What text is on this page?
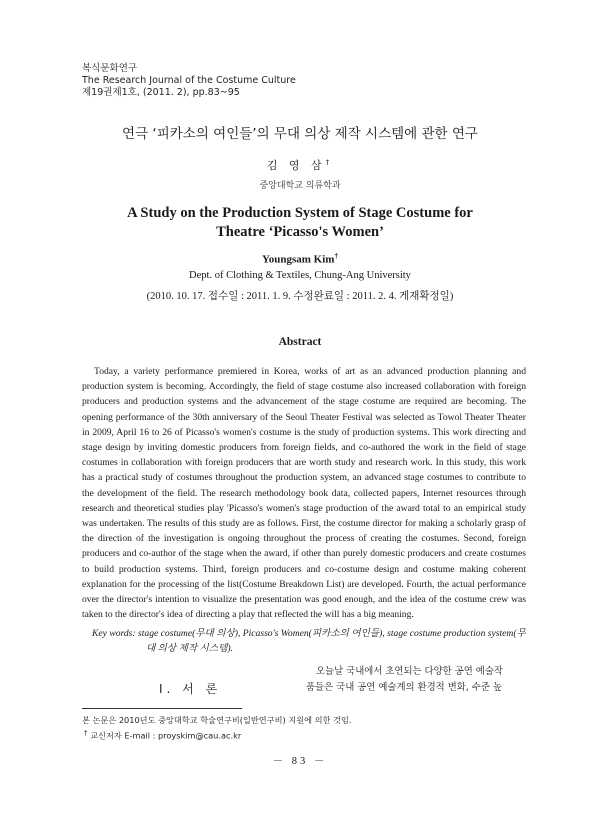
복식문화연구
The Research Journal of the Costume Culture
제19권제1호, (2011. 2), pp.83~95
연극 ‘피카소의 여인들’의 무대 의상 제작 시스템에 관한 연구
김 영 삼†
중앙대학교 의류학과
A Study on the Production System of Stage Costume for
Theatre ‘Picasso's Women’
Youngsam Kim†
Dept. of Clothing & Textiles, Chung-Ang University
(2010. 10. 17. 접수일 : 2011. 1. 9. 수정완료일 : 2011. 2. 4. 게재확정일)
Abstract

Today, a variety performance premiered in Korea, works of art as an advanced production planning and production system is becoming. Accordingly, the field of stage costume also increased collaboration with foreign producers and production systems and the advancement of the stage costume are required are becoming. The opening performance of the 30th anniversary of the Seoul Theater Festival was selected as Towol Theater Theater in 2009, April 16 to 26 of Picasso's women's costume is the study of production systems. This work directing and stage design by inviting domestic producers from foreign fields, and co-authored the work in the field of stage costumes in collaboration with foreign producers that are worth study and research work. In this study, this work has a practical study of costumes throughout the production system, an advanced stage costumes to contribute to the development of the field. The research methodology book data, collected papers, Internet resources through research and theoretical studies play 'Picasso's women's stage production of the award total to an empirical study was undertaken. The results of this study are as follows. First, the costume director for making a scholarly grasp of the direction of the investigation is ongoing throughout the process of creating the costumes. Second, foreign producers and co-author of the stage when the award, if other than purely domestic producers and create costumes to build production systems. Third, foreign producers and co-costume design and costume making coherent explanation for the processing of the list(Costume Breakdown List) are developed. Fourth, the actual performance over the director's intention to visualize the presentation was good enough, and the idea of the costume crew was taken to the director's idea of directing a play that reflected the will has a big meaning.

Key words: stage costume(무대 의상), Picasso's Women(피카소의 여인들), stage costume production system(무
대 의상 제작 시스템).
Ⅰ. 서 론
오늘날 국내에서 초연되는 다양한 공연 예술작
품들은 국내 공연 예술계의 환경적 변화, 수준 높
본 논문은 2010년도 중앙대학교 학술연구비(일반연구비) 지원에 의한 것임.
† 교신저자 E-mail : proyskim@cau.ac.kr
－ 83 －
